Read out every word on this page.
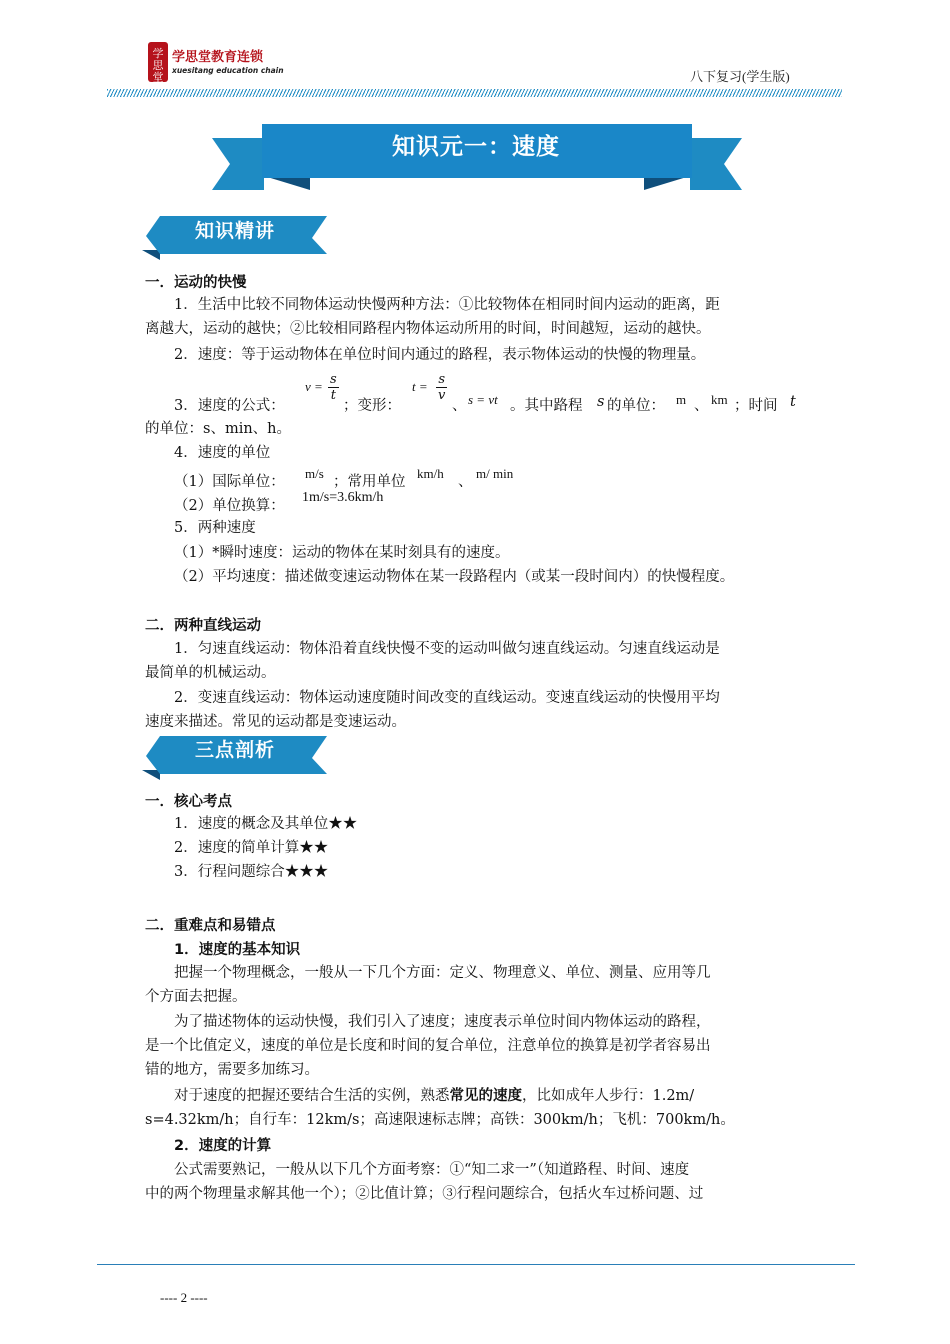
学
思
堂
学思堂教育连锁
xuesitang education chain	八下复习(学生版)
知识元一：速度
知识精讲
一．运动的快慢
1．生活中比较不同物体运动快慢两种方法：①比较物体在相同时间内运动的距离，距
离越大，运动的越快；②比较相同路程内物体运动所用的时间，时间越短，运动的越快。
2．速度：等于运动物体在单位时间内通过的路程，表示物体运动的快慢的物理量。
3．速度的公式：
$v = \frac{s}{t}$
；变形：
$t = \frac{s}{v}$
、 s = vt 。其中路程 s 的单位： m 、 km ；时间 t
的单位：s、min、h。
4．速度的单位
（1）国际单位：
m/s
；常用单位
km/h
、
m/ min
（2）单位换算：
1m/s=3.6km/h
5．两种速度
（1）*瞬时速度：运动的物体在某时刻具有的速度。
（2）平均速度：描述做变速运动物体在某一段路程内（或某一段时间内）的快慢程度。
二．两种直线运动
1．匀速直线运动：物体沿着直线快慢不变的运动叫做匀速直线运动。匀速直线运动是
最简单的机械运动。
2．变速直线运动：物体运动速度随时间改变的直线运动。变速直线运动的快慢用平均
速度来描述。常见的运动都是变速运动。
三点剖析
一．核心考点
1．速度的概念及其单位★★
2．速度的简单计算★★
3．行程问题综合★★★
二．重难点和易错点
1．速度的基本知识
把握一个物理概念，一般从一下几个方面：定义、物理意义、单位、测量、应用等几
个方面去把握。
为了描述物体的运动快慢，我们引入了速度；速度表示单位时间内物体运动的路程，
是一个比值定义，速度的单位是长度和时间的复合单位，注意单位的换算是初学者容易出
错的地方，需要多加练习。
对于速度的把握还要结合生活的实例，熟悉常见的速度，比如成年人步行：1.2m/
s=4.32km/h；自行车：12km/s；高速限速标志牌；高铁：300km/h；飞机：700km/h。
2．速度的计算
公式需要熟记，一般从以下几个方面考察：①“知二求一”（知道路程、时间、速度
中的两个物理量求解其他一个）；②比值计算；③行程问题综合，包括火车过桥问题、过
---- 2 ----
